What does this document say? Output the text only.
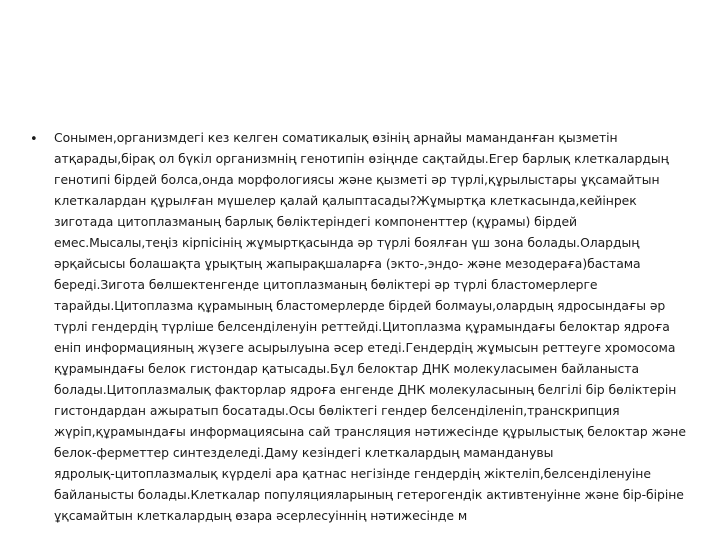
• Сонымен,организмдегі кез келген соматикалық өзінің арнайы маманданған қызметін
атқарады,бірақ ол бүкіл организмнің генотипін өзіңнде сақтайды.Егер барлық клеткалардың
генотипі бірдей болса,онда морфологиясы және қызметі әр түрлі,құрылыстары ұқсамайтын
клеткалардан құрылған мүшелер қалай қалыптасады?Жұмыртқа клеткасында,кейінрек
зиготада цитоплазманың барлық бөліктеріндегі компоненттер (құрамы) бірдей
емес.Мысалы,теңіз кірпісінің жұмыртқасында әр түрлі боялған үш зона болады.Олардың
әрқайсысы болашақта ұрықтың жапырақшаларға (экто-,эндо- және мезодерағa)бастама
береді.Зигота бөлшектенгенде цитоплазманың бөліктері әр түрлі бластомерлерге
тарайды.Цитоплазма құрамының бластомерлерде бірдей болмауы,олардың ядросындағы әр
түрлі гендердің түрліше белсенділенуін реттейді.Цитоплазма құрамындағы белоктар ядроға
еніп информацияның жүзеге асырылуына әсер етеді.Гендердің жұмысын реттеуге хромосома
құрамындағы белок гистондар қатысады.Бұл белоктар ДНК молекуласымен байланыста
болады.Цитоплазмалық факторлар ядроға енгенде ДНК молекуласының белгілі бір бөліктерін
гистондардан ажыратып босатады.Осы бөліктегі гендер белсенділеніп,транскрипция
жүріп,құрамындағы информациясына сай трансляция нәтижесінде құрылыстық белоктар және
белок-ферметтер синтезделеді.Даму кезіндегі клеткалардың маманданувы
ядролық-цитоплазмалық күрделі ара қатнас негізінде гендердің жіктеліп,белсенділенуіне
байланысты болады.Клеткалар популяцияларының гетерогендік активтенуінне және бір-біріне
ұқсамайтын клеткалардың өзара әсерлесуіннің нәтижесінде м
